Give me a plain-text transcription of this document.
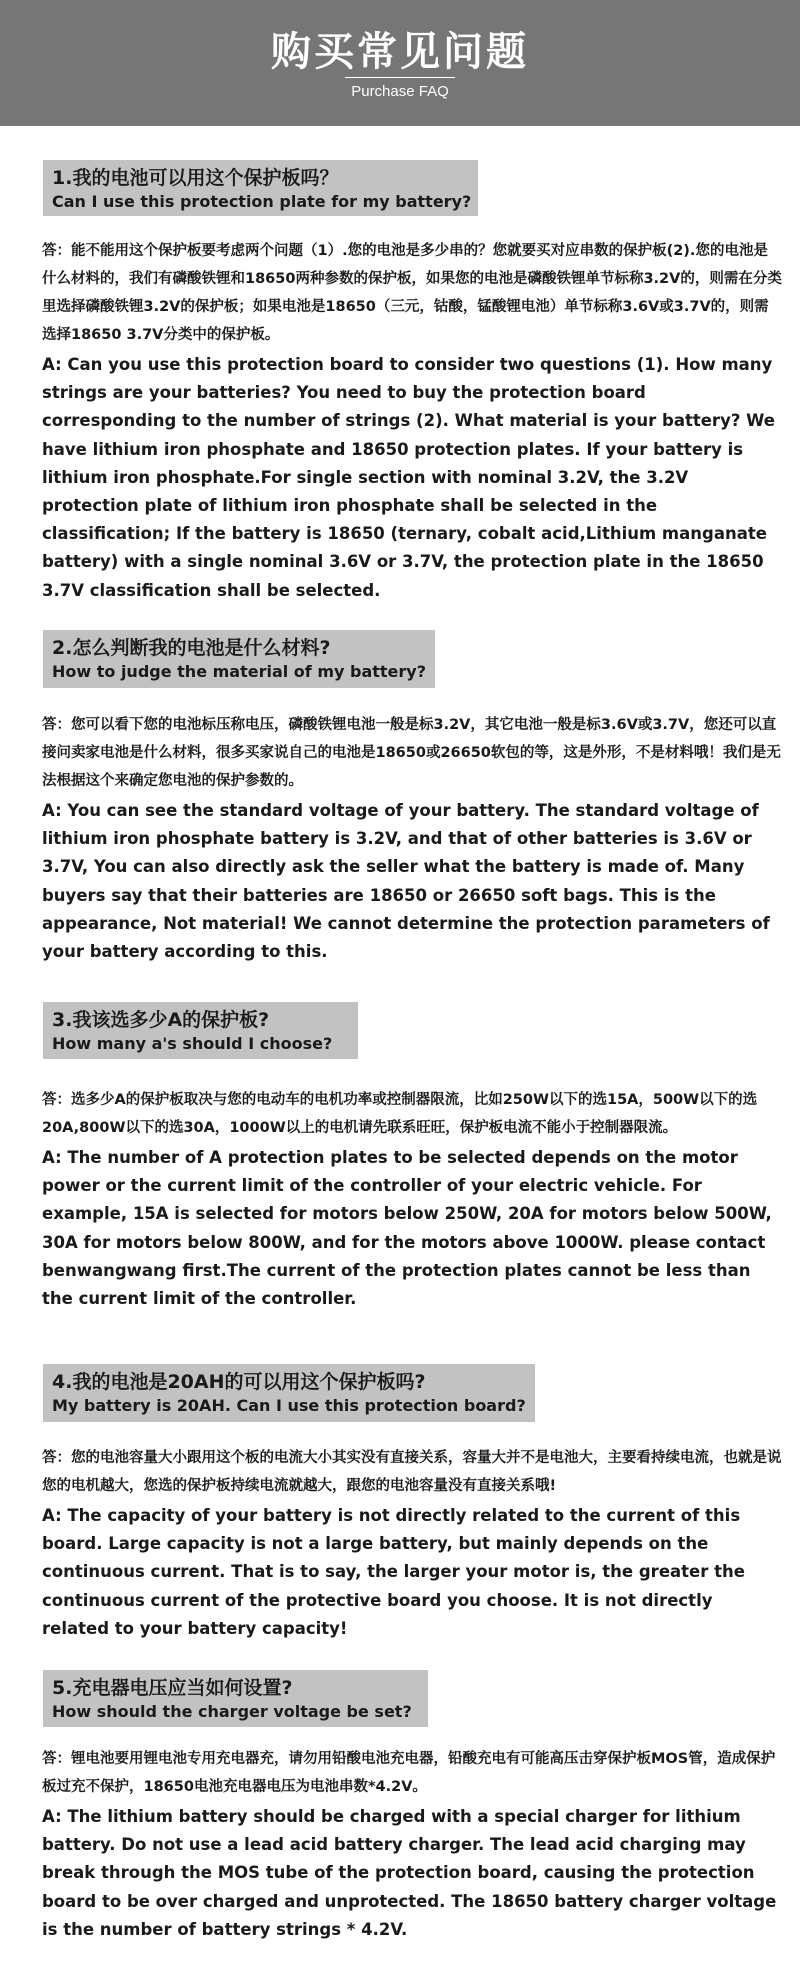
购买常见问题
Purchase FAQ
1.我的电池可以用这个保护板吗？
Can I use this protection plate for my battery?

答：能不能用这个保护板要考虑两个问题（1）.您的电池是多少串的？您就要买对应串数的保护板(2).您的电池是什么材料的，我们有磷酸铁锂和18650两种参数的保护板，如果您的电池是磷酸铁锂单节标称3.2V的，则需在分类里选择磷酸铁锂3.2V的保护板；如果电池是18650（三元，钴酸，锰酸锂电池）单节标称3.6V或3.7V的，则需选择18650 3.7V分类中的保护板。

A: Can you use this protection board to consider two questions (1). How many strings are your batteries? You need to buy the protection board corresponding to the number of strings (2). What material is your battery? We have lithium iron phosphate and 18650 protection plates. If your battery is lithium iron phosphate.For single section with nominal 3.2V, the 3.2V protection plate of lithium iron phosphate shall be selected in the classification; If the battery is 18650 (ternary, cobalt acid,Lithium manganate battery) with a single nominal 3.6V or 3.7V, the protection plate in the 18650 3.7V classification shall be selected.

2.怎么判断我的电池是什么材料?
How to judge the material of my battery?

答：您可以看下您的电池标压称电压，磷酸铁锂电池一般是标3.2V，其它电池一般是标3.6V或3.7V，您还可以直接问卖家电池是什么材料，很多买家说自己的电池是18650或26650软包的等，这是外形，不是材料哦！我们是无法根据这个来确定您电池的保护参数的。

A: You can see the standard voltage of your battery. The standard voltage of lithium iron phosphate battery is 3.2V, and that of other batteries is 3.6V or 3.7V, You can also directly ask the seller what the battery is made of. Many buyers say that their batteries are 18650 or 26650 soft bags. This is the appearance, Not material! We cannot determine the protection parameters of your battery according to this.

3.我该选多少A的保护板?
How many a's should I choose?

答：选多少A的保护板取决与您的电动车的电机功率或控制器限流，比如250W以下的选15A，500W以下的选20A,800W以下的选30A，1000W以上的电机请先联系旺旺，保护板电流不能小于控制器限流。

A: The number of A protection plates to be selected depends on the motor power or the current limit of the controller of your electric vehicle. For example, 15A is selected for motors below 250W, 20A for motors below 500W, 30A for motors below 800W, and for the motors above 1000W. please contact benwangwang first.The current of the protection plates cannot be less than the current limit of the controller.

4.我的电池是20AH的可以用这个保护板吗?
My battery is 20AH. Can I use this protection board?

答：您的电池容量大小跟用这个板的电流大小其实没有直接关系，容量大并不是电池大，主要看持续电流，也就是说您的电机越大，您选的保护板持续电流就越大，跟您的电池容量没有直接关系哦!

A: The capacity of your battery is not directly related to the current of this board. Large capacity is not a large battery, but mainly depends on the continuous current. That is to say, the larger your motor is, the greater the continuous current of the protective board you choose. It is not directly related to your battery capacity!

5.充电器电压应当如何设置?
How should the charger voltage be set?

答：锂电池要用锂电池专用充电器充，请勿用铅酸电池充电器，铅酸充电有可能高压击穿保护板MOS管，造成保护板过充不保护，18650电池充电器电压为电池串数*4.2V。

A: The lithium battery should be charged with a special charger for lithium battery. Do not use a lead acid battery charger. The lead acid charging may break through the MOS tube of the protection board, causing the protection board to be over charged and unprotected. The 18650 battery charger voltage is the number of battery strings * 4.2V.
